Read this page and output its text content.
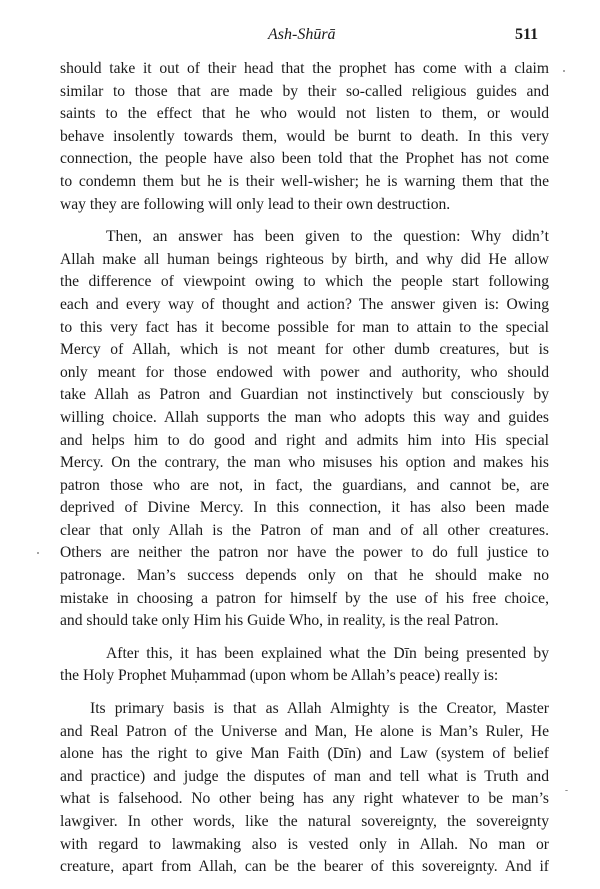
Ash-Shūrā	511

should take it out of their head that the prophet has come with a claim
similar to those that are made by their so-called religious guides and
saints to the effect that he who would not listen to them, or would
behave insolently towards them, would be burnt to death. In this very
connection, the people have also been told that the Prophet has not come
to condemn them but he is their well-wisher; he is warning them that the
way they are following will only lead to their own destruction.

Then, an answer has been given to the question: Why didn’t
Allah make all human beings righteous by birth, and why did He allow
the difference of viewpoint owing to which the people start following
each and every way of thought and action? The answer given is: Owing
to this very fact has it become possible for man to attain to the special
Mercy of Allah, which is not meant for other dumb creatures, but is
only meant for those endowed with power and authority, who should
take Allah as Patron and Guardian not instinctively but consciously by
willing choice. Allah supports the man who adopts this way and guides
and helps him to do good and right and admits him into His special
Mercy. On the contrary, the man who misuses his option and makes his
patron those who are not, in fact, the guardians, and cannot be, are
deprived of Divine Mercy. In this connection, it has also been made
clear that only Allah is the Patron of man and of all other creatures.
Others are neither the patron nor have the power to do full justice to
patronage. Man’s success depends only on that he should make no
mistake in choosing a patron for himself by the use of his free choice,
and should take only Him his Guide Who, in reality, is the real Patron.

After this, it has been explained what the Dīn being presented by
the Holy Prophet Muḥammad (upon whom be Allah’s peace) really is:

Its primary basis is that as Allah Almighty is the Creator, Master
and Real Patron of the Universe and Man, He alone is Man’s Ruler, He
alone has the right to give Man Faith (Dīn) and Law (system of belief
and practice) and judge the disputes of man and tell what is Truth and
what is falsehood. No other being has any right whatever to be man’s
lawgiver. In other words, like the natural sovereignty, the sovereignty
with regard to lawmaking also is vested only in Allah. No man or
creature, apart from Allah, can be the bearer of this sovereignty. And if
